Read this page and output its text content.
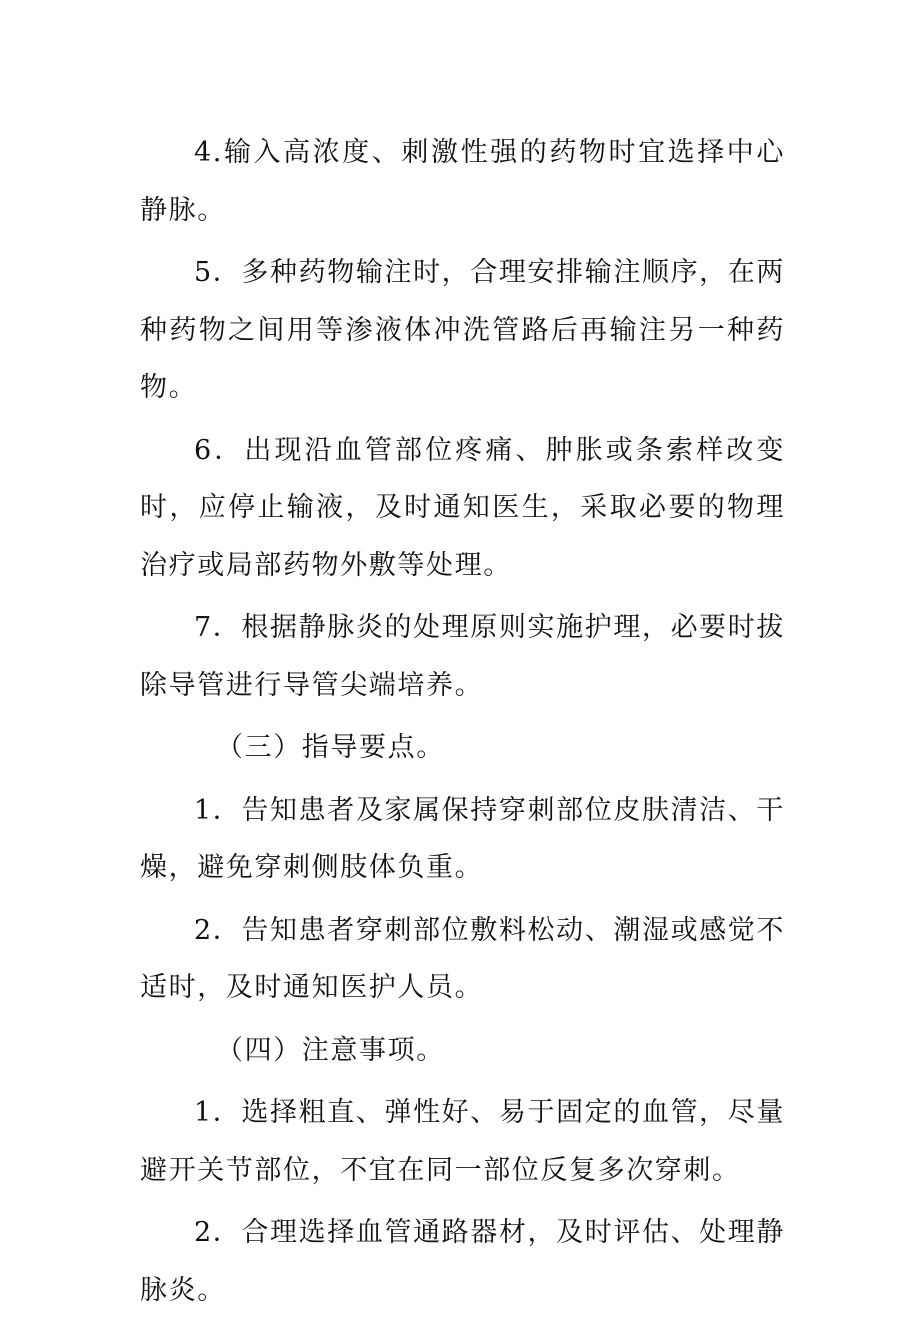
4.输入高浓度、刺激性强的药物时宜选择中心静脉。

5．多种药物输注时，合理安排输注顺序，在两种药物之间用等渗液体冲洗管路后再输注另一种药物。

6．出现沿血管部位疼痛、肿胀或条索样改变时，应停止输液，及时通知医生，采取必要的物理治疗或局部药物外敷等处理。

7．根据静脉炎的处理原则实施护理，必要时拔除导管进行导管尖端培养。

（三）指导要点。

1．告知患者及家属保持穿刺部位皮肤清洁、干燥，避免穿刺侧肢体负重。

2．告知患者穿刺部位敷料松动、潮湿或感觉不适时，及时通知医护人员。

（四）注意事项。

1．选择粗直、弹性好、易于固定的血管，尽量避开关节部位，不宜在同一部位反复多次穿刺。

2．合理选择血管通路器材，及时评估、处理静脉炎。
